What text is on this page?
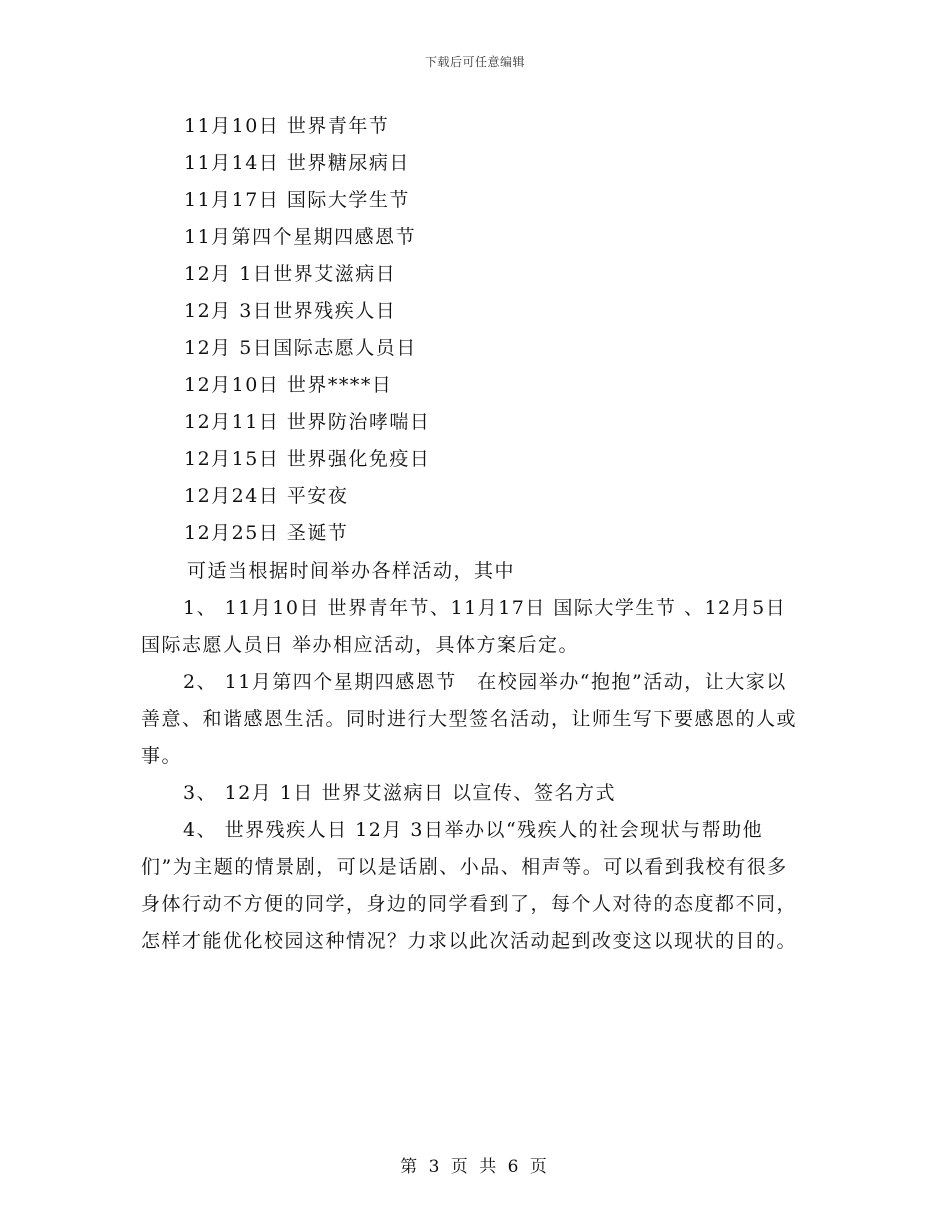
下载后可任意编辑
11月10日 世界青年节
11月14日 世界糖尿病日
11月17日 国际大学生节
11月第四个星期四感恩节
12月 1日世界艾滋病日
12月 3日世界残疾人日
12月 5日国际志愿人员日
12月10日 世界****日
12月11日 世界防治哮喘日
12月15日 世界强化免疫日
12月24日 平安夜
12月25日 圣诞节

可适当根据时间举办各样活动，其中

1、 11月10日 世界青年节、11月17日 国际大学生节 、12月5日 国际志愿人员日 举办相应活动，具体方案后定。

2、 11月第四个星期四感恩节　在校园举办“抱抱”活动，让大家以善意、和谐感恩生活。同时进行大型签名活动，让师生写下要感恩的人或事。

3、 12月 1日 世界艾滋病日 以宣传、签名方式

4、 世界残疾人日 12月 3日举办以“残疾人的社会现状与帮助他们”为主题的情景剧，可以是话剧、小品、相声等。可以看到我校有很多身体行动不方便的同学，身边的同学看到了，每个人对待的态度都不同，怎样才能优化校园这种情况？力求以此次活动起到改变这以现状的目的。

第 3 页 共 6 页
